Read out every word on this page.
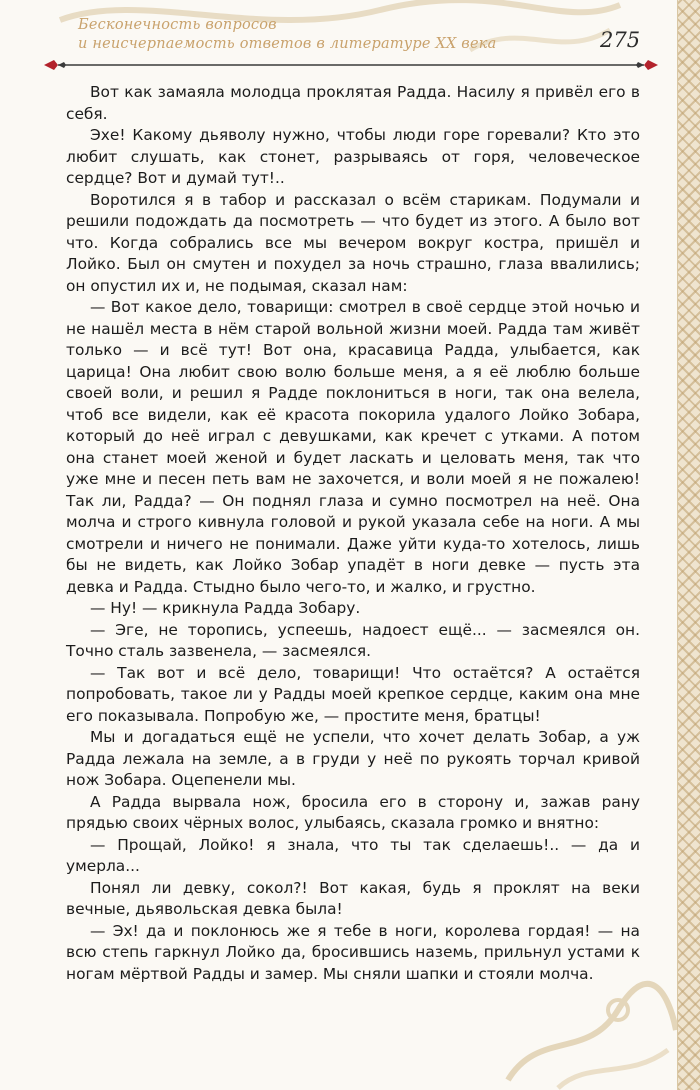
Бесконечность вопросов
и неисчерпаемость ответов в литературе XX века	275

Вот как замаяла молодца проклятая Радда. Насилу я привёл его в себя.

Эхе! Какому дьяволу нужно, чтобы люди горе горевали? Кто это любит слушать, как стонет, разрываясь от горя, человеческое сердце? Вот и думай тут!..

Воротился я в табор и рассказал о всём старикам. Подумали и решили подождать да посмотреть — что будет из этого. А было вот что. Когда собрались все мы вечером вокруг костра, пришёл и Лойко. Был он смутен и похудел за ночь страшно, глаза ввалились; он опустил их и, не подымая, сказал нам:

— Вот какое дело, товарищи: смотрел в своё сердце этой ночью и не нашёл места в нём старой вольной жизни моей. Радда там живёт только — и всё тут! Вот она, красавица Радда, улыбается, как царица! Она любит свою волю больше меня, а я её люблю больше своей воли, и решил я Радде поклониться в ноги, так она велела, чтоб все видели, как её красота покорила удалого Лойко Зобара, который до неё играл с девушками, как кречет с утками. А потом она станет моей женой и будет ласкать и целовать меня, так что уже мне и песен петь вам не захочется, и воли моей я не пожалею! Так ли, Радда? — Он поднял глаза и сумно посмотрел на неё. Она молча и строго кивнула головой и рукой указала себе на ноги. А мы смотрели и ничего не понимали. Даже уйти куда-то хотелось, лишь бы не видеть, как Лойко Зобар упадёт в ноги девке — пусть эта девка и Радда. Стыдно было чего-то, и жалко, и грустно.

— Ну! — крикнула Радда Зобару.

— Эге, не торопись, успеешь, надоест ещё... — засмеялся он. Точно сталь зазвенела, — засмеялся.

— Так вот и всё дело, товарищи! Что остаётся? А остаётся попробовать, такое ли у Радды моей крепкое сердце, каким она мне его показывала. Попробую же, — простите меня, братцы!

Мы и догадаться ещё не успели, что хочет делать Зобар, а уж Радда лежала на земле, а в груди у неё по рукоять торчал кривой нож Зобара. Оцепенели мы.

А Радда вырвала нож, бросила его в сторону и, зажав рану прядью своих чёрных волос, улыбаясь, сказала громко и внятно:

— Прощай, Лойко! я знала, что ты так сделаешь!.. — да и умерла...

Понял ли девку, сокол?! Вот какая, будь я проклят на веки вечные, дьявольская девка была!

— Эх! да и поклонюсь же я тебе в ноги, королева гордая! — на всю степь гаркнул Лойко да, бросившись наземь, прильнул устами к ногам мёртвой Радды и замер. Мы сняли шапки и стояли молча.
